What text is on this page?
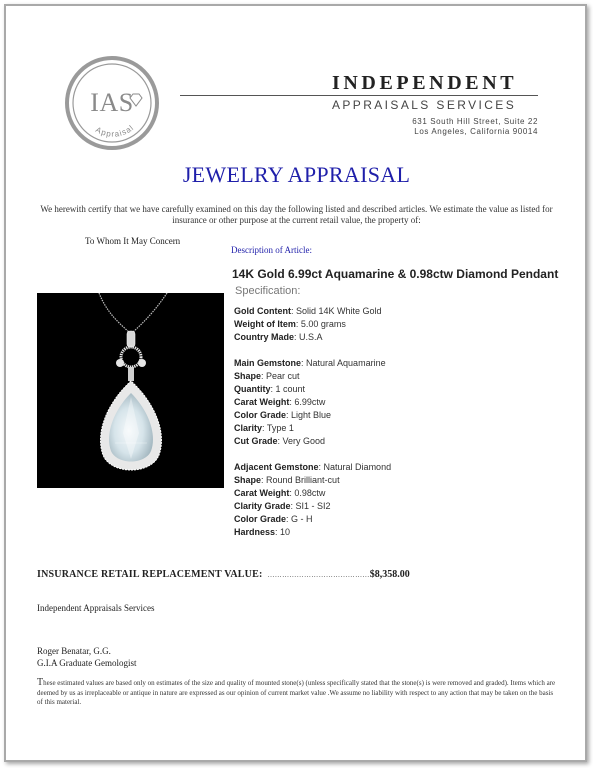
IAS
Appraisal
INDEPENDENT
APPRAISALS SERVICES
631 South Hill Street, Suite 22
Los Angeles, California 90014
JEWELRY APPRAISAL
We herewith certify that we have carefully examined on this day the following listed and described articles. We estimate the value as listed for
insurance or other purpose at the current retail value, the property of:
To Whom It May Concern
Description of Article:
14K Gold 6.99ct Aquamarine & 0.98ctw Diamond Pendant
Specification:
Gold Content: Solid 14K White Gold
Weight of Item: 5.00 grams
Country Made: U.S.A
Main Gemstone: Natural Aquamarine
Shape: Pear cut
Quantity: 1 count
Carat Weight: 6.99ctw
Color Grade: Light Blue
Clarity: Type 1
Cut Grade: Very Good
Adjacent Gemstone: Natural Diamond
Shape: Round Brilliant-cut
Carat Weight: 0.98ctw
Clarity Grade: SI1 - SI2
Color Grade: G - H
Hardness: 10
INSURANCE RETAIL REPLACEMENT VALUE: ……………………………………$8,358.00
Independent Appraisals Services
Roger Benatar, G.G.
G.I.A Graduate Gemologist
These estimated values are based only on estimates of the size and quality of mounted stone(s) (unless specifically stated that the stone(s) is were removed and graded). Items which are deemed by us as irreplaceable or antique in nature are expressed as our opinion of current market value .We assume no liability with respect to any action that may be taken on the basis of this material.
